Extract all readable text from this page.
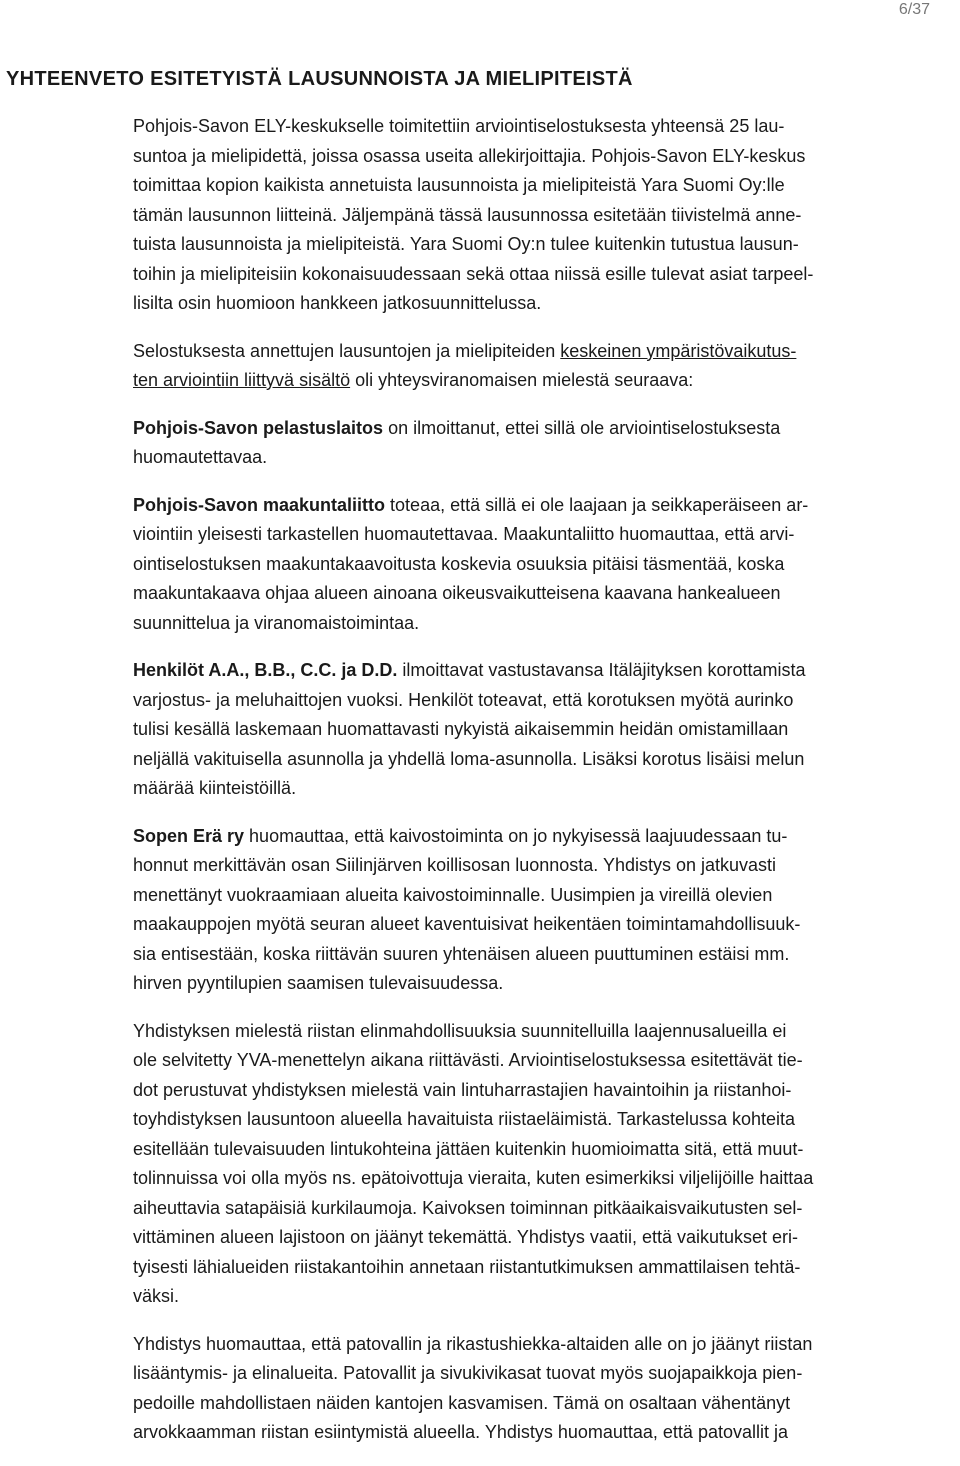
6/37
YHTEENVETO ESITETYISTÄ LAUSUNNOISTA JA MIELIPITEISTÄ

Pohjois-Savon ELY-keskukselle toimitettiin arviointiselostuksesta yhteensä 25 lau-
suntoa ja mielipidettä, joissa osassa useita allekirjoittajia. Pohjois-Savon ELY-keskus
toimittaa kopion kaikista annetuista lausunnoista ja mielipiteistä Yara Suomi Oy:lle
tämän lausunnon liitteinä. Jäljempänä tässä lausunnossa esitetään tiivistelmä anne-
tuista lausunnoista ja mielipiteistä. Yara Suomi Oy:n tulee kuitenkin tutustua lausun-
toihin ja mielipiteisiin kokonaisuudessaan sekä ottaa niissä esille tulevat asiat tarpeel-
lisilta osin huomioon hankkeen jatkosuunnittelussa.

Selostuksesta annettujen lausuntojen ja mielipiteiden keskeinen ympäristövaikutus-
ten arviointiin liittyvä sisältö oli yhteysviranomaisen mielestä seuraava:

Pohjois-Savon pelastuslaitos on ilmoittanut, ettei sillä ole arviointiselostuksesta
huomautettavaa.

Pohjois-Savon maakuntaliitto toteaa, että sillä ei ole laajaan ja seikkaperäiseen ar-
viointiin yleisesti tarkastellen huomautettavaa. Maakuntaliitto huomauttaa, että arvi-
ointiselostuksen maakuntakaavoitusta koskevia osuuksia pitäisi täsmentää, koska
maakuntakaava ohjaa alueen ainoana oikeusvaikutteisena kaavana hankealueen
suunnittelua ja viranomaistoimintaa.

Henkilöt A.A., B.B., C.C. ja D.D. ilmoittavat vastustavansa Itäläjityksen korottamista
varjostus- ja meluhaittojen vuoksi. Henkilöt toteavat, että korotuksen myötä aurinko
tulisi kesällä laskemaan huomattavasti nykyistä aikaisemmin heidän omistamillaan
neljällä vakituisella asunnolla ja yhdellä loma-asunnolla. Lisäksi korotus lisäisi melun
määrää kiinteistöillä.

Sopen Erä ry huomauttaa, että kaivostoiminta on jo nykyisessä laajuudessaan tu-
honnut merkittävän osan Siilinjärven koillisosan luonnosta. Yhdistys on jatkuvasti
menettänyt vuokraamiaan alueita kaivostoiminnalle. Uusimpien ja vireillä olevien
maakauppojen myötä seuran alueet kaventuisivat heikentäen toimintamahdollisuuk-
sia entisestään, koska riittävän suuren yhtenäisen alueen puuttuminen estäisi mm.
hirven pyyntilupien saamisen tulevaisuudessa.

Yhdistyksen mielestä riistan elinmahdollisuuksia suunnitelluilla laajennusalueilla ei
ole selvitetty YVA-menettelyn aikana riittävästi. Arviointiselostuksessa esitettävät tie-
dot perustuvat yhdistyksen mielestä vain lintuharrastajien havaintoihin ja riistanhoi-
toyhdistyksen lausuntoon alueella havaituista riistaeläimistä. Tarkastelussa kohteita
esitellään tulevaisuuden lintukohteina jättäen kuitenkin huomioimatta sitä, että muut-
tolinnuissa voi olla myös ns. epätoivottuja vieraita, kuten esimerkiksi viljelijöille haittaa
aiheuttavia satapäisiä kurkilaumoja. Kaivoksen toiminnan pitkäaikaisvaikutusten sel-
vittäminen alueen lajistoon on jäänyt tekemättä. Yhdistys vaatii, että vaikutukset eri-
tyisesti lähialueiden riistakantoihin annetaan riistantutkimuksen ammattilaisen tehtä-
väksi.

Yhdistys huomauttaa, että patovallin ja rikastushiekka-altaiden alle on jo jäänyt riistan
lisääntymis- ja elinalueita. Patovallit ja sivukivikasat tuovat myös suojapaikkoja pien-
pedoille mahdollistaen näiden kantojen kasvamisen. Tämä on osaltaan vähentänyt
arvokkaamman riistan esiintymistä alueella. Yhdistys huomauttaa, että patovallit ja
